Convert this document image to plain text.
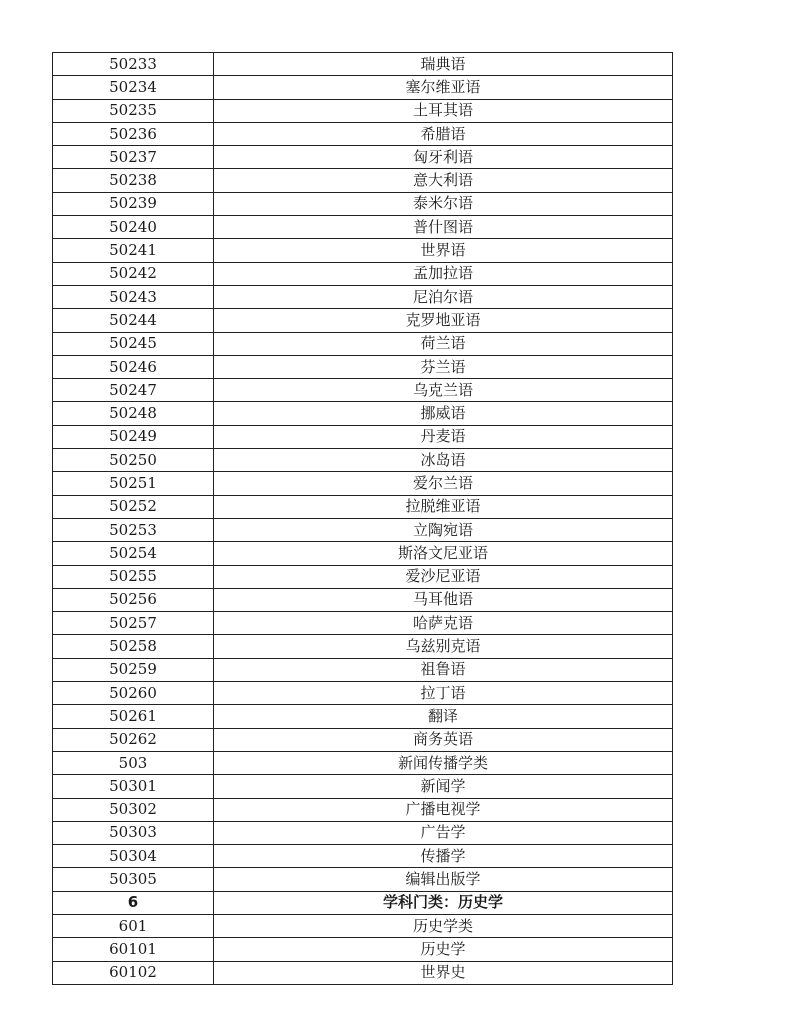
50233	瑞典语
50234	塞尔维亚语
50235	土耳其语
50236	希腊语
50237	匈牙利语
50238	意大利语
50239	泰米尔语
50240	普什图语
50241	世界语
50242	孟加拉语
50243	尼泊尔语
50244	克罗地亚语
50245	荷兰语
50246	芬兰语
50247	乌克兰语
50248	挪威语
50249	丹麦语
50250	冰岛语
50251	爱尔兰语
50252	拉脱维亚语
50253	立陶宛语
50254	斯洛文尼亚语
50255	爱沙尼亚语
50256	马耳他语
50257	哈萨克语
50258	乌兹别克语
50259	祖鲁语
50260	拉丁语
50261	翻译
50262	商务英语
503	新闻传播学类
50301	新闻学
50302	广播电视学
50303	广告学
50304	传播学
50305	编辑出版学
6	学科门类：历史学
601	历史学类
60101	历史学
60102	世界史
